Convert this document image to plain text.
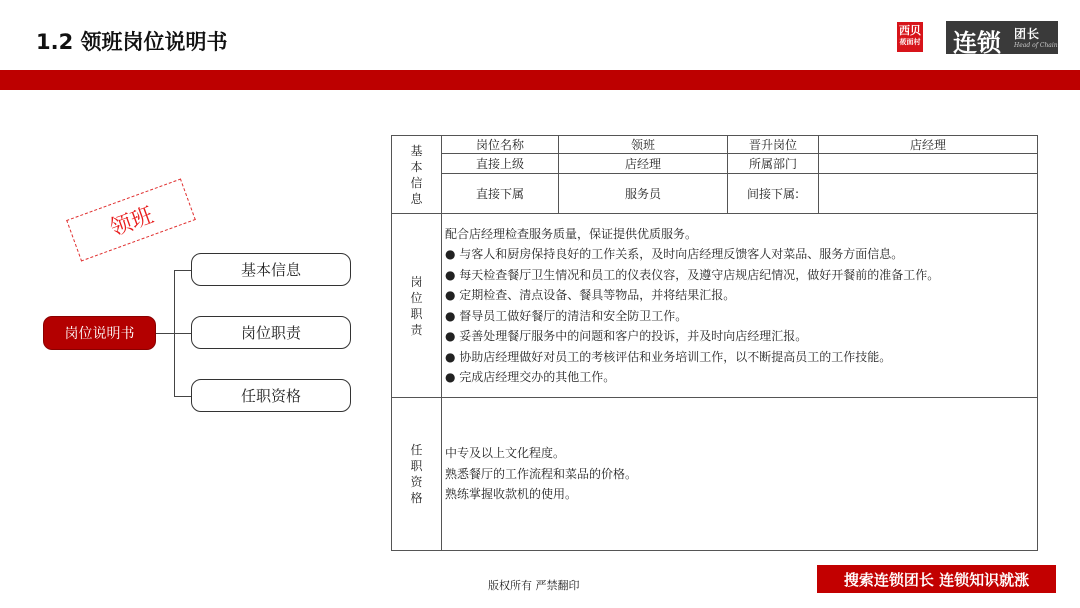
1.2 领班岗位说明书	西贝
莜面村 连锁 团长
Head of Chain
领班
岗位说明书
基本信息
岗位职责
任职资格
基
本
信
息	岗位名称	领班	晋升岗位	店经理
	直接上级	店经理	所属部门	
	直接下属	服务员	间接下属:	

岗
位
职
责

配合店经理检查服务质量，保证提供优质服务。
● 与客人和厨房保持良好的工作关系，及时向店经理反馈客人对菜品、服务方面信息。
● 每天检查餐厅卫生情况和员工的仪表仪容，及遵守店规店纪情况，做好开餐前的准备工作。
● 定期检查、清点设备、餐具等物品，并将结果汇报。
● 督导员工做好餐厅的清洁和安全防卫工作。
● 妥善处理餐厅服务中的问题和客户的投诉，并及时向店经理汇报。
● 协助店经理做好对员工的考核评估和业务培训工作，以不断提高员工的工作技能。
● 完成店经理交办的其他工作。

任
职
资
格

中专及以上文化程度。
熟悉餐厅的工作流程和菜品的价格。
熟练掌握收款机的使用。
版权所有 严禁翻印	搜索连锁团长 连锁知识就涨
